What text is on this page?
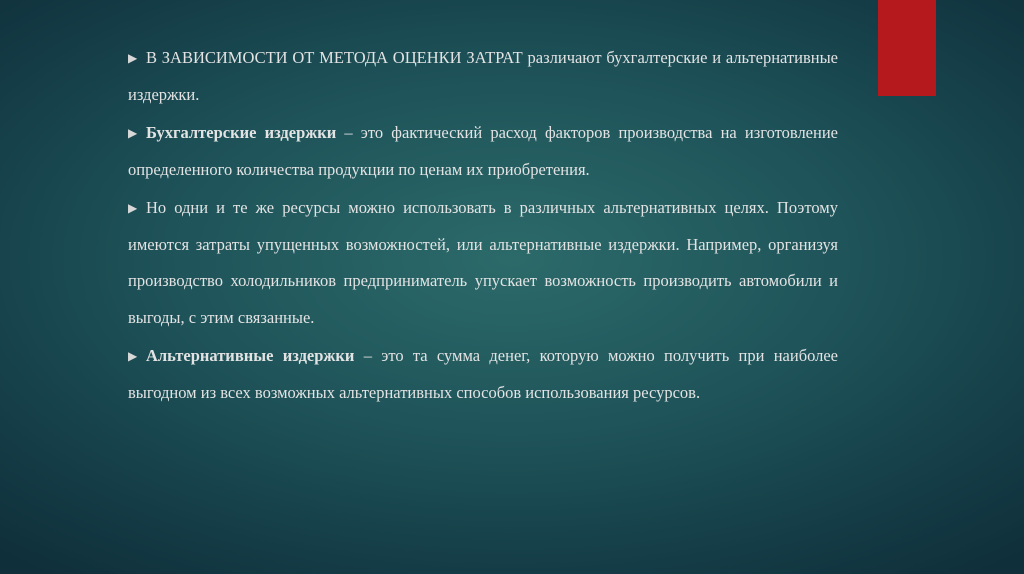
▶ В ЗАВИСИМОСТИ ОТ МЕТОДА ОЦЕНКИ ЗАТРАТ различают бухгалтерские и альтернативные издержки.

▶ Бухгалтерские издержки – это фактический расход факторов производства на изготовление определенного количества продукции по ценам их приобретения.

▶ Но одни и те же ресурсы можно использовать в различных альтернативных целях. Поэтому имеются затраты упущенных возможностей, или альтернативные издержки. Например, организуя производство холодильников предприниматель упускает возможность производить автомобили и выгоды, с этим связанные.

▶ Альтернативные издержки – это та сумма денег, которую можно получить при наиболее выгодном из всех возможных альтернативных способов использования ресурсов.
